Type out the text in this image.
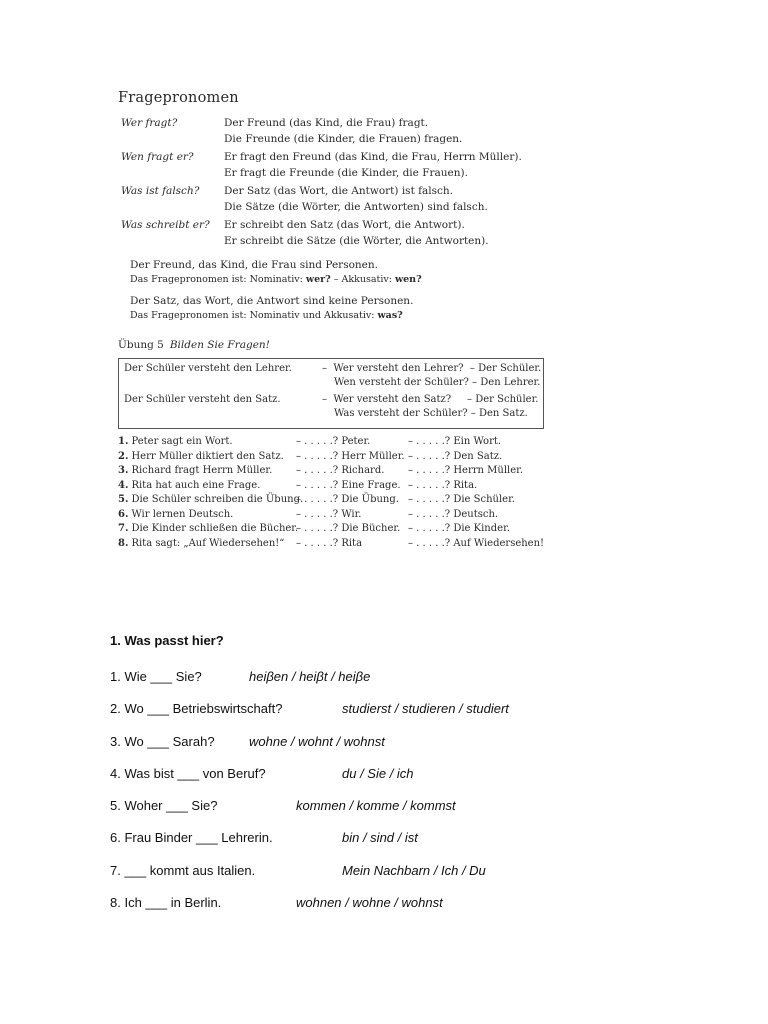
Fragepronomen
Wer fragt?	Der Freund (das Kind, die Frau) fragt.
Die Freunde (die Kinder, die Frauen) fragen.
Wen fragt er?	Er fragt den Freund (das Kind, die Frau, Herrn Müller).
Er fragt die Freunde (die Kinder, die Frauen).
Was ist falsch?	Der Satz (das Wort, die Antwort) ist falsch.
Die Sätze (die Wörter, die Antworten) sind falsch.
Was schreibt er?	Er schreibt den Satz (das Wort, die Antwort).
Er schreibt die Sätze (die Wörter, die Antworten).
Der Freund, das Kind, die Frau sind Personen.
Das Fragepronomen ist: Nominativ: wer? – Akkusativ: wen?
Der Satz, das Wort, die Antwort sind keine Personen.
Das Fragepronomen ist: Nominativ und Akkusativ: was?
Übung 5 Bilden Sie Fragen!
Der Schüler versteht den Lehrer.	–  Wer versteht den Lehrer?  – Der Schüler.
Wen versteht der Schüler? – Den Lehrer.
Der Schüler versteht den Satz.	–  Wer versteht den Satz?     – Der Schüler.
Was versteht der Schüler? – Den Satz.
1. Peter sagt ein Wort.	– . . . . .? Peter.	– . . . . .? Ein Wort.
2. Herr Müller diktiert den Satz.	– . . . . .? Herr Müller. – . . . . .? Den Satz.
3. Richard fragt Herrn Müller.	– . . . . .? Richard.	– . . . . .? Herrn Müller.
4. Rita hat auch eine Frage.	– . . . . .? Eine Frage. – . . . . .? Rita.
5. Die Schüler schreiben die Übung.
– . . . . .? Die Übung. – . . . . .? Die Schüler.
6. Wir lernen Deutsch.	– . . . . .? Wir.	– . . . . .? Deutsch.
7. Die Kinder schließen die Bücher.
– . . . . .? Die Bücher. – . . . . .? Die Kinder.
8. Rita sagt: „Auf Wiedersehen!“	– . . . . .? Rita	– . . . . .? Auf Wiedersehen!
1. Was passt hier?
1. Wie ___ Sie?	heiβen / heiβt / heiβe
2. Wo ___ Betriebswirtschaft?	studierst / studieren / studiert
3. Wo ___ Sarah?	wohne / wohnt / wohnst
4. Was bist ___ von Beruf?	du / Sie / ich
5. Woher ___ Sie?	kommen / komme / kommst
6. Frau Binder ___ Lehrerin.	bin / sind / ist
7. ___ kommt aus Italien.	Mein Nachbarn / Ich / Du
8. Ich ___ in Berlin.	wohnen / wohne / wohnst
